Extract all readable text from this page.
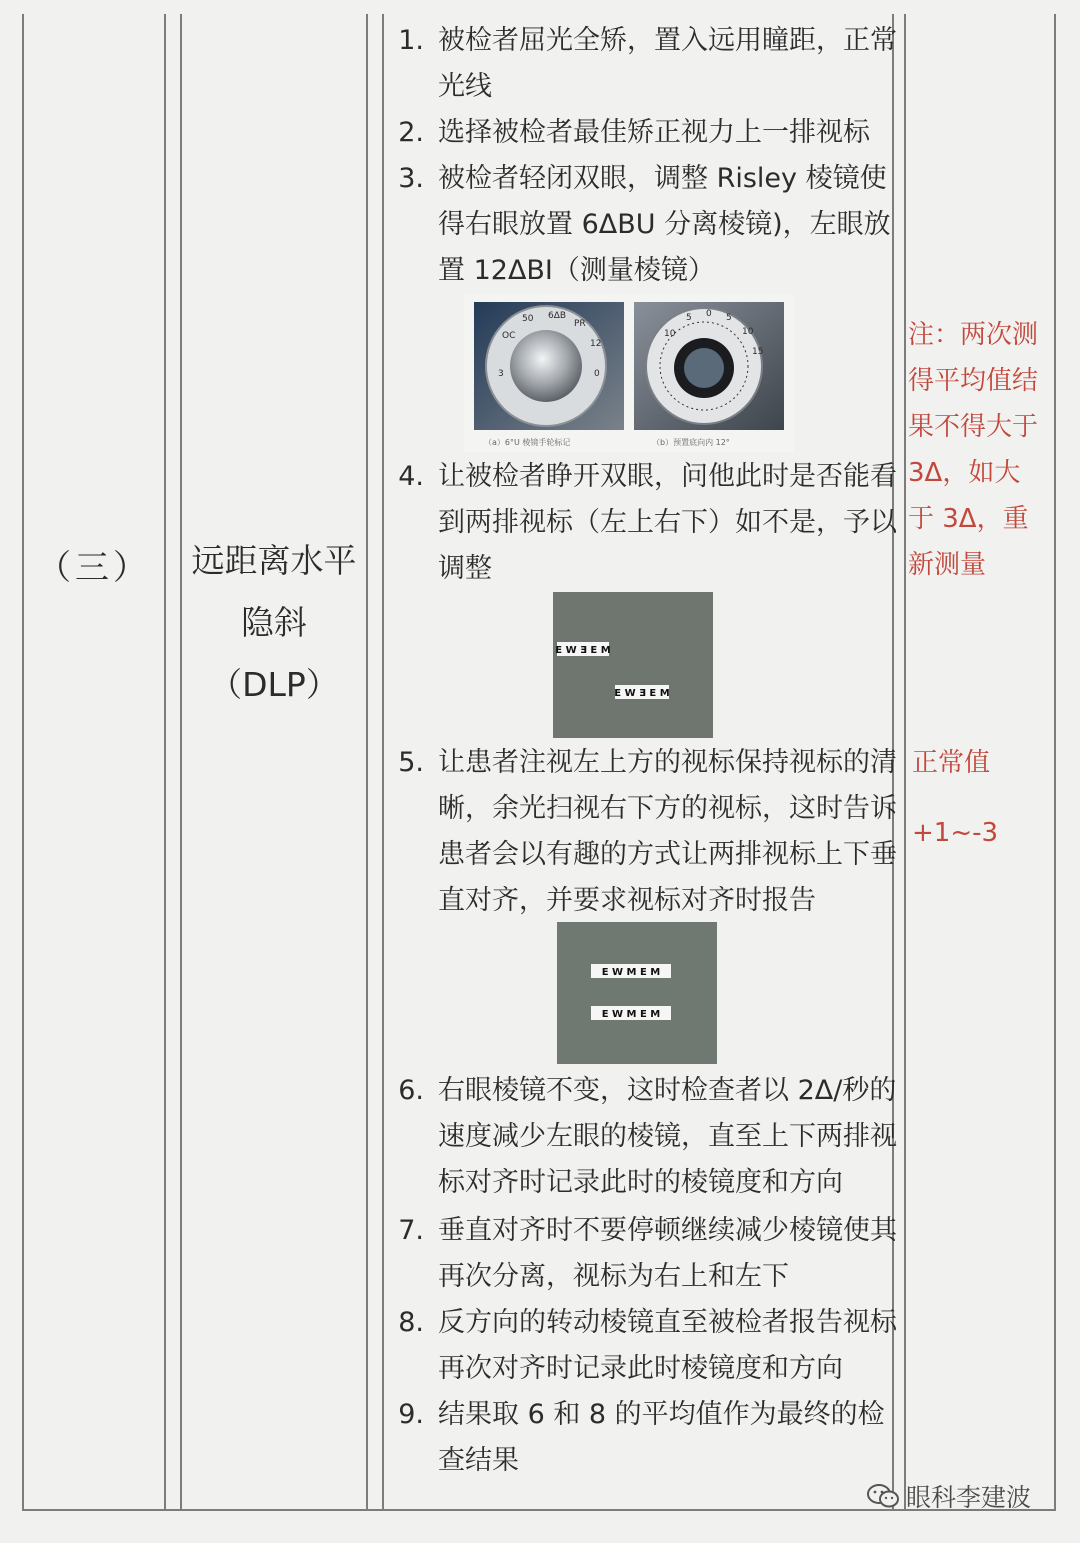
（三）	远距离水平
隐斜
（DLP）
1. 被检者屈光全矫，置入远用瞳距，正常光线
2. 选择被检者最佳矫正视力上一排视标
3. 被检者轻闭双眼，调整 Risley 棱镜使得右眼放置 6ΔBU 分离棱镜)，左眼放置 12ΔBI（测量棱镜）
4. 让被检者睁开双眼，问他此时是否能看到两排视标（左上右下）如不是，予以调整
5. 让患者注视左上方的视标保持视标的清晰，余光扫视右下方的视标，这时告诉患者会以有趣的方式让两排视标上下垂直对齐，并要求视标对齐时报告
6. 右眼棱镜不变，这时检查者以 2Δ/秒的速度减少左眼的棱镜，直至上下两排视标对齐时记录此时的棱镜度和方向
7. 垂直对齐时不要停顿继续减少棱镜使其再次分离，视标为右上和左下
8. 反方向的转动棱镜直至被检者报告视标再次对齐时记录此时棱镜度和方向
9. 结果取 6 和 8 的平均值作为最终的检查结果
OC
50 6ΔB
PR
12
0
3
10
5 0 5
10
15
（a）6°U 棱镜手轮标记	（b）预置底向内 12°
E W Ǝ E M
E W Ǝ E M
E W M E M
E W M E M
注：两次测得平均值结果不得大于3Δ，如大于 3Δ，重新测量
正常值
+1~-3
眼科李建波
